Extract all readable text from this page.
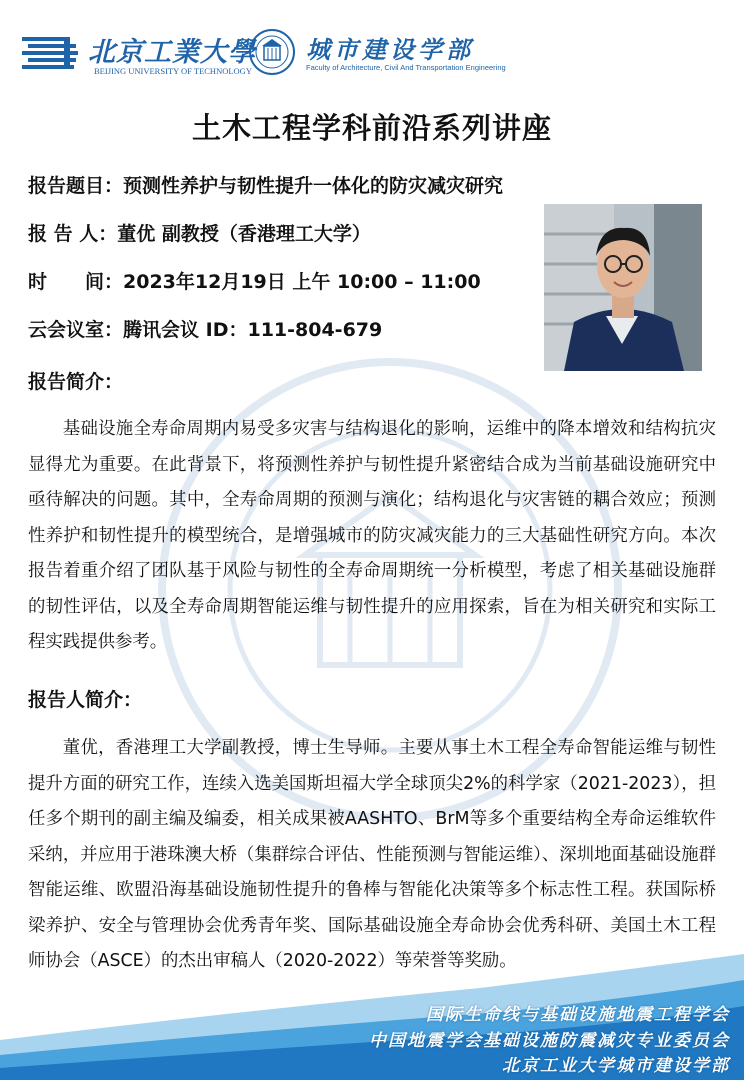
北京工業大學
BEIJING UNIVERSITY OF TECHNOLOGY
城市建设学部
Faculty of Architecture, Civil And Transportation Engineering
土木工程学科前沿系列讲座
报告题目：预测性养护与韧性提升一体化的防灾减灾研究
报 告 人：董优 副教授（香港理工大学）
时　　间：2023年12月19日 上午 10:00 – 11:00
云会议室：腾讯会议 ID：111-804-679
报告简介：
基础设施全寿命周期内易受多灾害与结构退化的影响，运维中的降本增效和结构抗灾显得尤为重要。在此背景下，将预测性养护与韧性提升紧密结合成为当前基础设施研究中亟待解决的问题。其中，全寿命周期的预测与演化；结构退化与灾害链的耦合效应；预测性养护和韧性提升的模型统合，是增强城市的防灾减灾能力的三大基础性研究方向。本次报告着重介绍了团队基于风险与韧性的全寿命周期统一分析模型，考虑了相关基础设施群的韧性评估，以及全寿命周期智能运维与韧性提升的应用探索，旨在为相关研究和实际工程实践提供参考。
报告人简介：
董优，香港理工大学副教授，博士生导师。主要从事土木工程全寿命智能运维与韧性提升方面的研究工作，连续入选美国斯坦福大学全球顶尖2%的科学家（2021-2023），担任多个期刊的副主编及编委，相关成果被AASHTO、BrM等多个重要结构全寿命运维软件采纳，并应用于港珠澳大桥（集群综合评估、性能预测与智能运维）、深圳地面基础设施群智能运维、欧盟沿海基础设施韧性提升的鲁棒与智能化决策等多个标志性工程。获国际桥梁养护、安全与管理协会优秀青年奖、国际基础设施全寿命协会优秀科研、美国土木工程师协会（ASCE）的杰出审稿人（2020-2022）等荣誉等奖励。
国际生命线与基础设施地震工程学会
中国地震学会基础设施防震减灾专业委员会
北京工业大学城市建设学部
